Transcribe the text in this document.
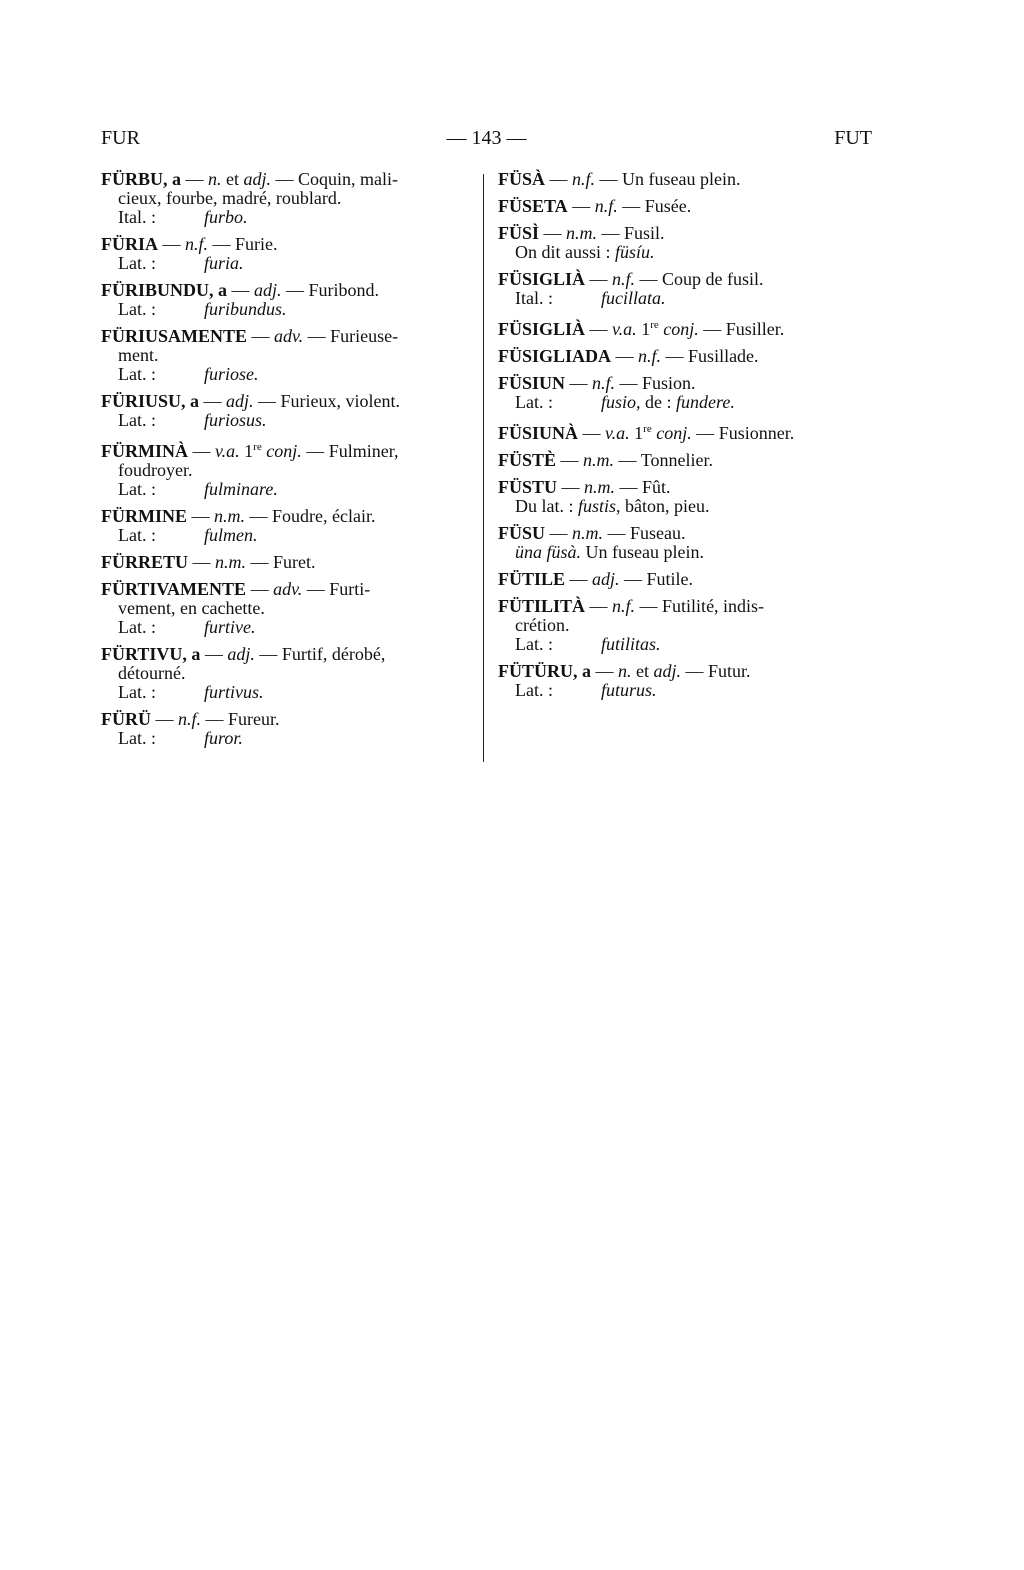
FUR	— 143 —	FUT
FÜRBU, a — n. et adj. — Coquin, mali-
cieux, fourbe, madré, roublard.
Ital. :	furbo.
FÜRIA — n.f. — Furie.
Lat. :	furia.
FÜRIBUNDU, a — adj. — Furibond.
Lat. :	furibundus.
FÜRIUSAMENTE — adv. — Furieuse-
ment.
Lat. :	furiose.
FÜRIUSU, a — adj. — Furieux, violent.
Lat. :	furiosus.
FÜRMINÀ — v.a. 1re conj. — Fulminer,
foudroyer.
Lat. :	fulminare.
FÜRMINE — n.m. — Foudre, éclair.
Lat. :	fulmen.
FÜRRETU — n.m. — Furet.
FÜRTIVAMENTE — adv. — Furti-
vement, en cachette.
Lat. :	furtive.
FÜRTIVU, a — adj. — Furtif, dérobé,
détourné.
Lat. :	furtivus.
FÜRÜ — n.f. — Fureur.
Lat. :	furor.
FÜSÀ — n.f. — Un fuseau plein.
FÜSETA — n.f. — Fusée.
FÜSÌ — n.m. — Fusil.
On dit aussi : füsíu.
FÜSIGLIÀ — n.f. — Coup de fusil.
Ital. :	fucillata.
FÜSIGLIÀ — v.a. 1re conj. — Fusiller.
FÜSIGLIADA — n.f. — Fusillade.
FÜSIUN — n.f. — Fusion.
Lat. :	fusio, de : fundere.
FÜSIUNÀ — v.a. 1re conj. — Fusionner.
FÜSTÈ — n.m. — Tonnelier.
FÜSTU — n.m. — Fût.
Du lat. : fustis, bâton, pieu.
FÜSU — n.m. — Fuseau.
üna füsà. Un fuseau plein.
FÜTILE — adj. — Futile.
FÜTILITÀ — n.f. — Futilité, indis-
crétion.
Lat. :	futilitas.
FÜTÜRU, a — n. et adj. — Futur.
Lat. :	futurus.
